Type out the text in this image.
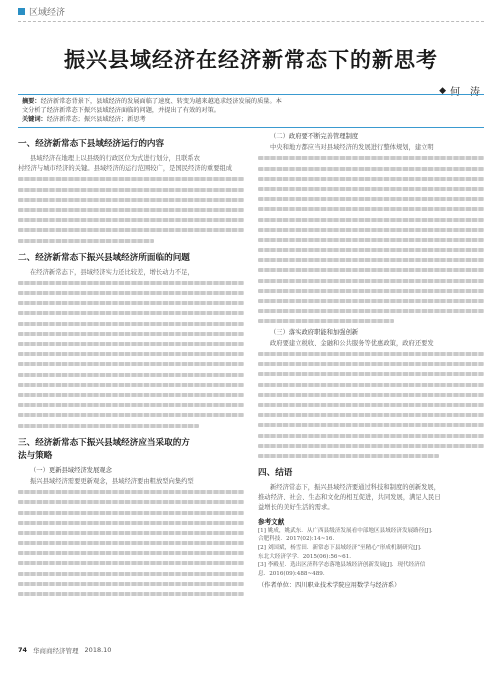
区域经济
振兴县域经济在经济新常态下的新思考
◆ 何　涛
摘要：经济新常态背景下，县域经济的发展面临了速度、转变为越来越追求经济发展的质量。本
文分析了经济新常态下振兴县域经济面临的问题，并提出了有效的对策。
关键词：经济新常态；振兴县域经济；新思考
一、经济新常态下县域经济运行的内容

县域经济在地理上以县级的行政区位为式进行划分，且联系农

村经济与城市经济的关键。县域经济的运行范围较广，是国民经济的重要组成
二、经济新常态下振兴县域经济所面临的问题

在经济新常态下，县域经济实力还比较差，增长动力不足，

三、经济新常态下振兴县域经济应当采取的方
法与策略
（一）更新县域经济发展观念

振兴县域经济需要更新观念，县域经济要由粗放型向集约型

（二）政府要不断完善管理制度

中央和地方都应当对县域经济的发展进行整体规划，建立明

（三）落实政府职能和加强创新

政府要建立税收、金融和公共服务等优惠政策，政府还要发

四、结语

新经济常态下，振兴县域经济要通过科技和制度的创新发展，

推动经济、社会、生态和文化的相互促进，共同发展，满足人民日
益增长的美好生活的需求。
参考文献
[1] 姚成，姚武东．从广西县级济发展看中部地区县域经济发展路径[J]．
合肥科技．2017(02):14~16.
[2] 刘国斌，杨雪田．新常态下县域经济“至精心”形成机制研究[J]．
东北大经济学学．2015(06):56~61.
[3] 李殿星．选出区济科学态落地县域经济创新发展[J]．现代经济信
息．2016(09):488~489.
（作者单位：四川职业技术学院应用数学与经济系）
74 华商商经济管理 2018.10
